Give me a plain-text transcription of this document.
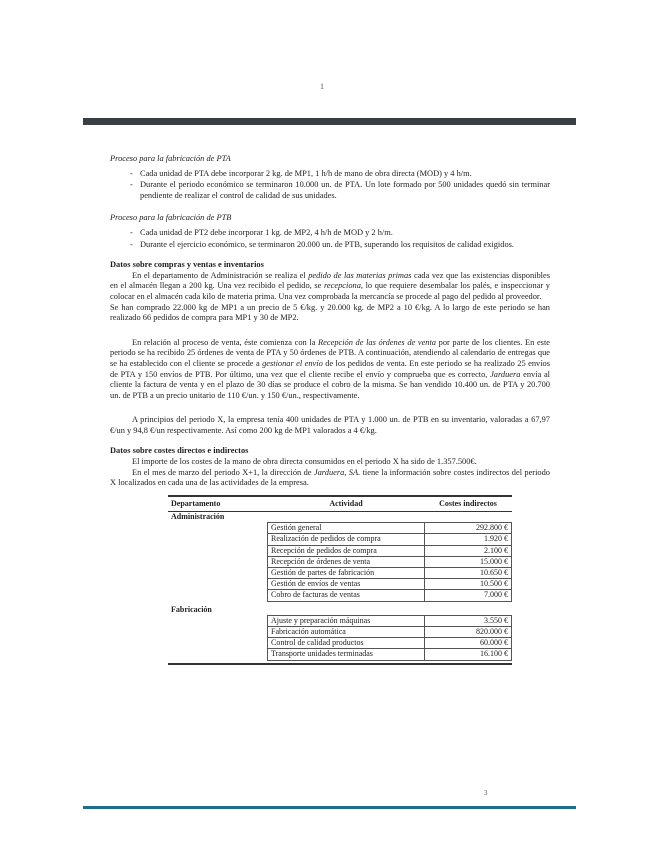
1

Proceso para la fabricación de PTA

- Cada unidad de PTA debe incorporar 2 kg. de MP1, 1 h/h de mano de obra directa (MOD) y 4 h/m.
- Durante el periodo económico se terminaron 10.000 un. de PTA. Un lote formado por 500 unidades quedó sin terminar pendiente de realizar el control de calidad de sus unidades.

Proceso para la fabricación de PTB

- Cada unidad de PT2 debe incorporar 1 kg. de MP2, 4 h/h de MOD y 2 h/m.
- Durante el ejercicio económico, se terminaron 20.000 un. de PTB, superando los requisitos de calidad exigidos.

Datos sobre compras y ventas e inventarios

En el departamento de Administración se realiza el pedido de las materias primas cada vez que las existencias disponibles en el almacén llegan a 200 kg. Una vez recibido el pedido, se recepciona, lo que requiere desembalar los palés, e inspeccionar y colocar en el almacén cada kilo de materia prima. Una vez comprobada la mercancía se procede al pago del pedido al proveedor.

Se han comprado 22.000 kg de MP1 a un precio de 5 €/kg. y 20.000 kg. de MP2 a 10 €/kg. A lo largo de este periodo se han realizado 66 pedidos de compra para MP1 y 30 de MP2.

En relación al proceso de venta, éste comienza con la Recepción de las órdenes de venta por parte de los clientes. En este periodo se ha recibido 25 órdenes de venta de PTA y 50 órdenes de PTB. A continuación, atendiendo al calendario de entregas que se ha establecido con el cliente se procede a gestionar el envío de los pedidos de venta. En este periodo se ha realizado 25 envíos de PTA y 150 envíos de PTB. Por último, una vez que el cliente recibe el envío y comprueba que es correcto, Jarduera envía al cliente la factura de venta y en el plazo de 30 días se produce el cobro de la misma. Se han vendido 10.400 un. de PTA y 20.700 un. de PTB a un precio unitario de 110 €/un. y 150 €/un., respectivamente.

A principios del periodo X, la empresa tenía 400 unidades de PTA y 1.000 un. de PTB en su inventario, valoradas a 67,97 €/un y 94,8 €/un respectivamente. Así como 200 kg de MP1 valorados a 4 €/kg.

Datos sobre costes directos e indirectos

El importe de los costes de la mano de obra directa consumidos en el periodo X ha sido de 1.357.500€.

En el mes de marzo del periodo X+1, la dirección de Jarduera, SA. tiene la información sobre costes indirectos del periodo X localizados en cada una de las actividades de la empresa.

Departamento	Actividad	Costes indirectos
Administración		
	Gestión general	292.800 €
	Realización de pedidos de compra	1.920 €
	Recepción de pedidos de compra	2.100 €
	Recepción de órdenes de venta	15.000 €
	Gestión de partes de fabricación	10.650 €
	Gestión de envíos de ventas	10.500 €
	Cobro de facturas de ventas	7.000 €

Fabricación		
	Ajuste y preparación máquinas	3.550 €
	Fabricación automática	820.000 €
	Control de calidad productos	60.000 €
	Transporte unidades terminadas	16.100 €

3
